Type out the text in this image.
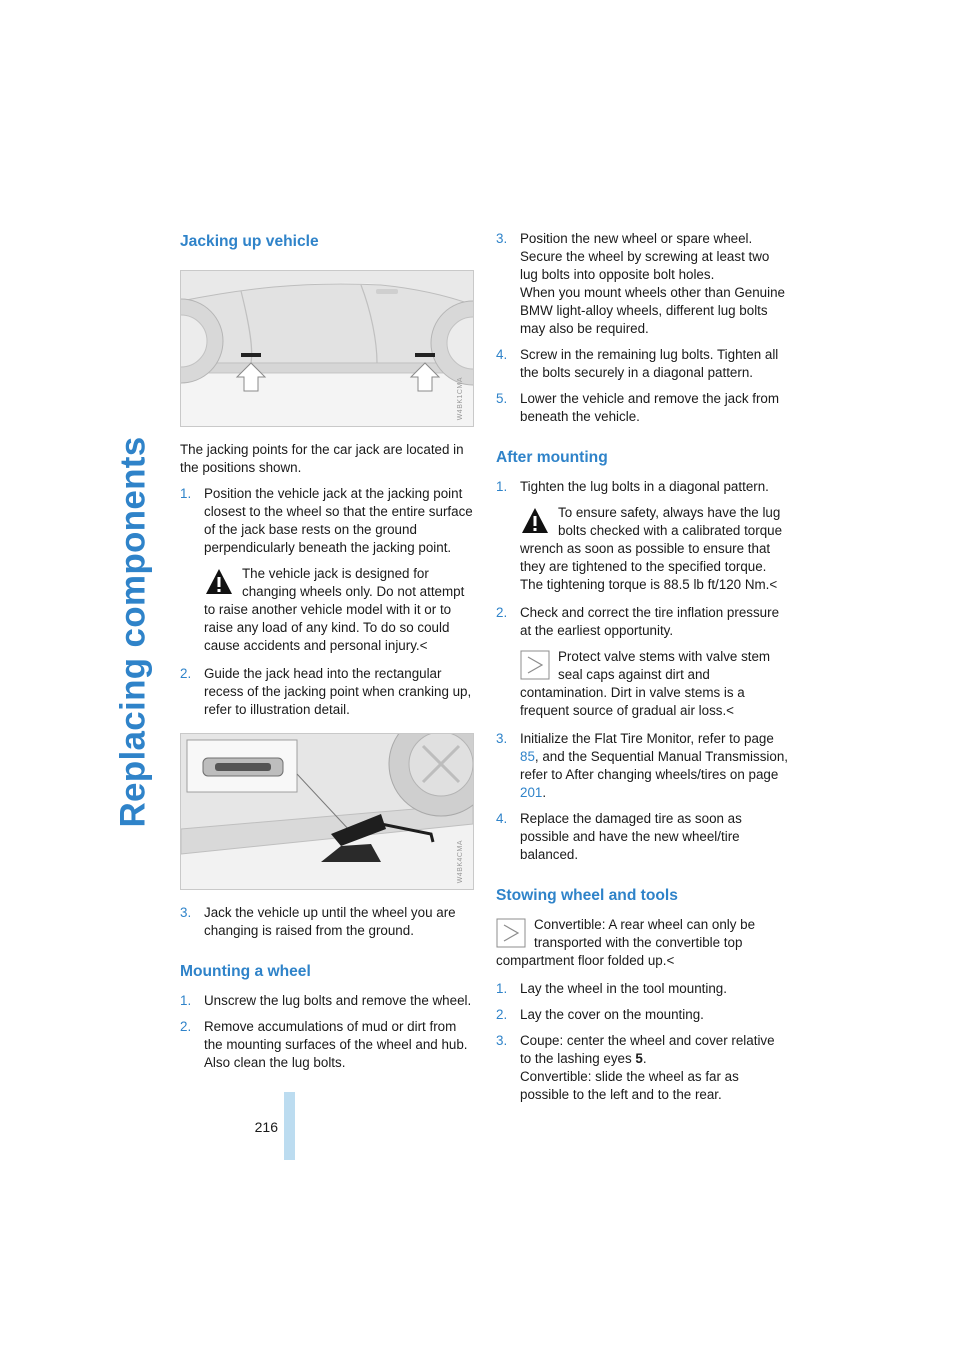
Replacing components
216
Jacking up vehicle
W4BK1CMA
The jacking points for the car jack are located in the positions shown.
1. Position the vehicle jack at the jacking point closest to the wheel so that the entire surface of the jack base rests on the ground perpendicularly beneath the jacking point.
The vehicle jack is designed for changing wheels only. Do not attempt to raise another vehicle model with it or to raise any load of any kind. To do so could cause accidents and personal injury.<
2. Guide the jack head into the rectangular recess of the jacking point when cranking up, refer to illustration detail.
W4BK4CMA
3. Jack the vehicle up until the wheel you are changing is raised from the ground.
Mounting a wheel
1. Unscrew the lug bolts and remove the wheel.
2. Remove accumulations of mud or dirt from the mounting surfaces of the wheel and hub. Also clean the lug bolts.
3. Position the new wheel or spare wheel. Secure the wheel by screwing at least two lug bolts into opposite bolt holes.
When you mount wheels other than Genuine BMW light-alloy wheels, different lug bolts may also be required.
4. Screw in the remaining lug bolts. Tighten all the bolts securely in a diagonal pattern.
5. Lower the vehicle and remove the jack from beneath the vehicle.
After mounting
1. Tighten the lug bolts in a diagonal pattern.
To ensure safety, always have the lug bolts checked with a calibrated torque wrench as soon as possible to ensure that they are tightened to the specified torque. The tightening torque is 88.5 lb ft/120 Nm.<
2. Check and correct the tire inflation pressure at the earliest opportunity.
Protect valve stems with valve stem seal caps against dirt and contamination. Dirt in valve stems is a frequent source of gradual air loss.<
3. Initialize the Flat Tire Monitor, refer to page 85, and the Sequential Manual Transmission, refer to After changing wheels/tires on page 201.
4. Replace the damaged tire as soon as possible and have the new wheel/tire balanced.
Stowing wheel and tools
Convertible: A rear wheel can only be transported with the convertible top compartment floor folded up.<
1. Lay the wheel in the tool mounting.
2. Lay the cover on the mounting.
3. Coupe: center the wheel and cover relative to the lashing eyes 5.
Convertible: slide the wheel as far as possible to the left and to the rear.
